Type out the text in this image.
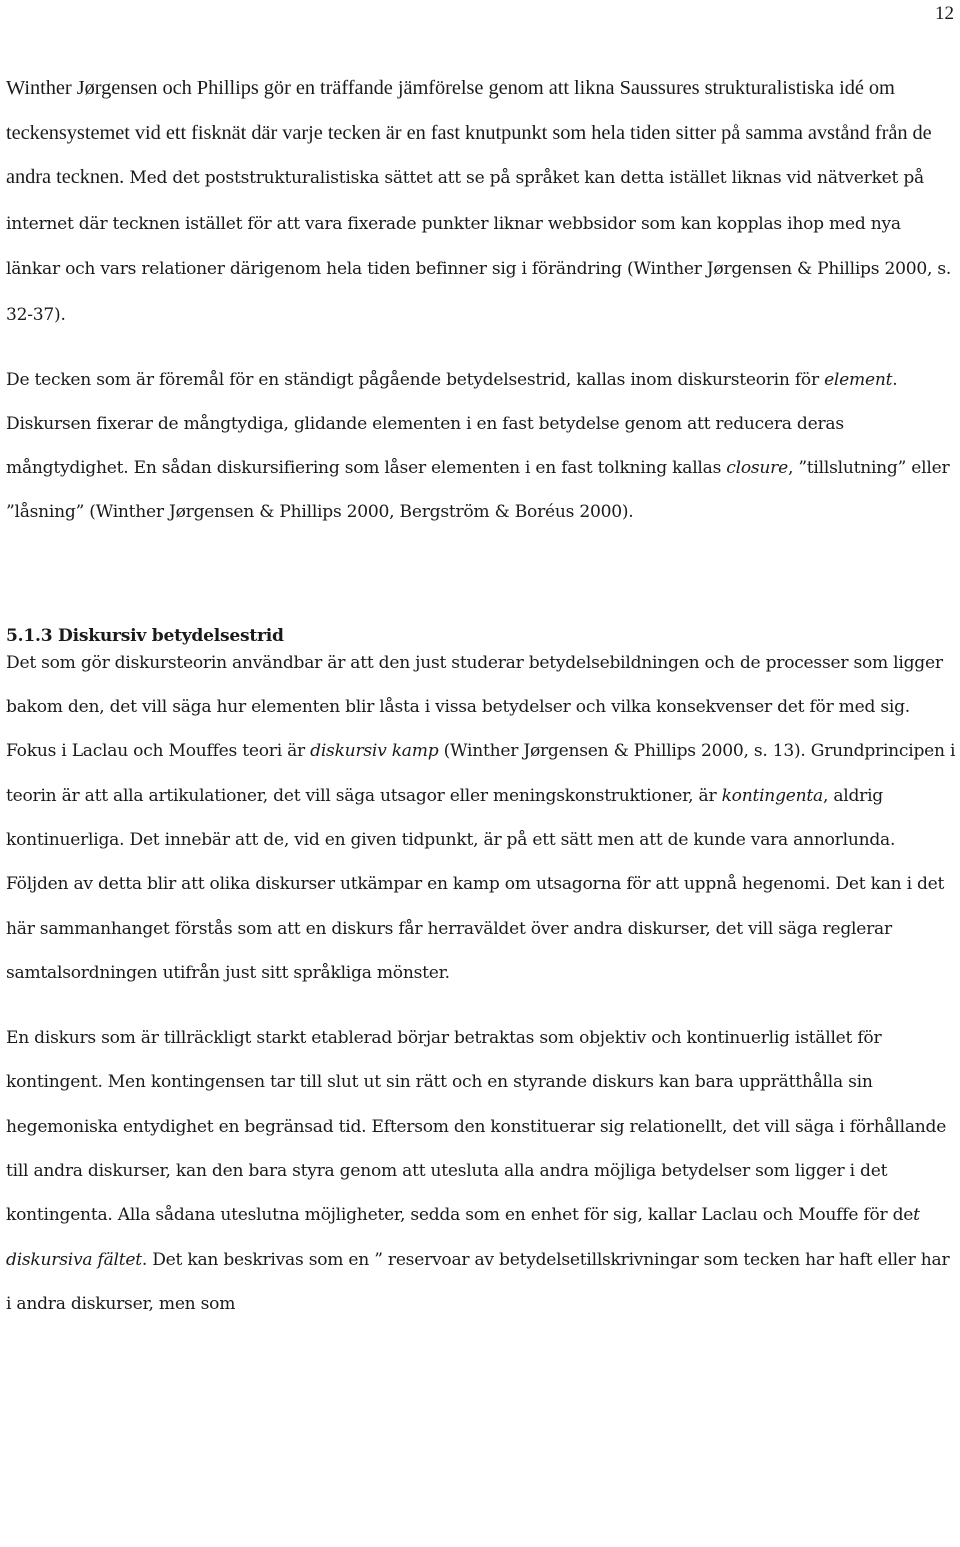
12

Winther Jørgensen och Phillips gör en träffande jämförelse genom att likna Saussures strukturalistiska idé om teckensystemet vid ett fisknät där varje tecken är en fast knutpunkt som hela tiden sitter på samma avstånd från de andra tecknen. Med det poststrukturalistiska sättet att se på språket kan detta istället liknas vid nätverket på internet där tecknen istället för att vara fixerade punkter liknar webbsidor som kan kopplas ihop med nya länkar och vars relationer därigenom hela tiden befinner sig i förändring (Winther Jørgensen & Phillips 2000, s. 32-37).

De tecken som är föremål för en ständigt pågående betydelsestrid, kallas inom diskursteorin för element. Diskursen fixerar de mångtydiga, glidande elementen i en fast betydelse genom att reducera deras mångtydighet. En sådan diskursifiering som låser elementen i en fast tolkning kallas closure, ”tillslutning” eller ”låsning” (Winther Jørgensen & Phillips 2000, Bergström & Boréus 2000).

5.1.3 Diskursiv betydelsestrid

Det som gör diskursteorin användbar är att den just studerar betydelsebildningen och de processer som ligger bakom den, det vill säga hur elementen blir låsta i vissa betydelser och vilka konsekvenser det för med sig. Fokus i Laclau och Mouffes teori är diskursiv kamp (Winther Jørgensen & Phillips 2000, s. 13). Grundprincipen i teorin är att alla artikulationer, det vill säga utsagor eller meningskonstruktioner, är kontingenta, aldrig kontinuerliga. Det innebär att de, vid en given tidpunkt, är på ett sätt men att de kunde vara annorlunda. Följden av detta blir att olika diskurser utkämpar en kamp om utsagorna för att uppnå hegenomi. Det kan i det här sammanhanget förstås som att en diskurs får herraväldet över andra diskurser, det vill säga reglerar samtalsordningen utifrån just sitt språkliga mönster.

En diskurs som är tillräckligt starkt etablerad börjar betraktas som objektiv och kontinuerlig istället för kontingent. Men kontingensen tar till slut ut sin rätt och en styrande diskurs kan bara upprätthålla sin hegemoniska entydighet en begränsad tid. Eftersom den konstituerar sig relationellt, det vill säga i förhållande till andra diskurser, kan den bara styra genom att utesluta alla andra möjliga betydelser som ligger i det kontingenta. Alla sådana uteslutna möjligheter, sedda som en enhet för sig, kallar Laclau och Mouffe för det diskursiva fältet. Det kan beskrivas som en ” reservoar av betydelsetillskrivningar som tecken har haft eller har i andra diskurser, men som
